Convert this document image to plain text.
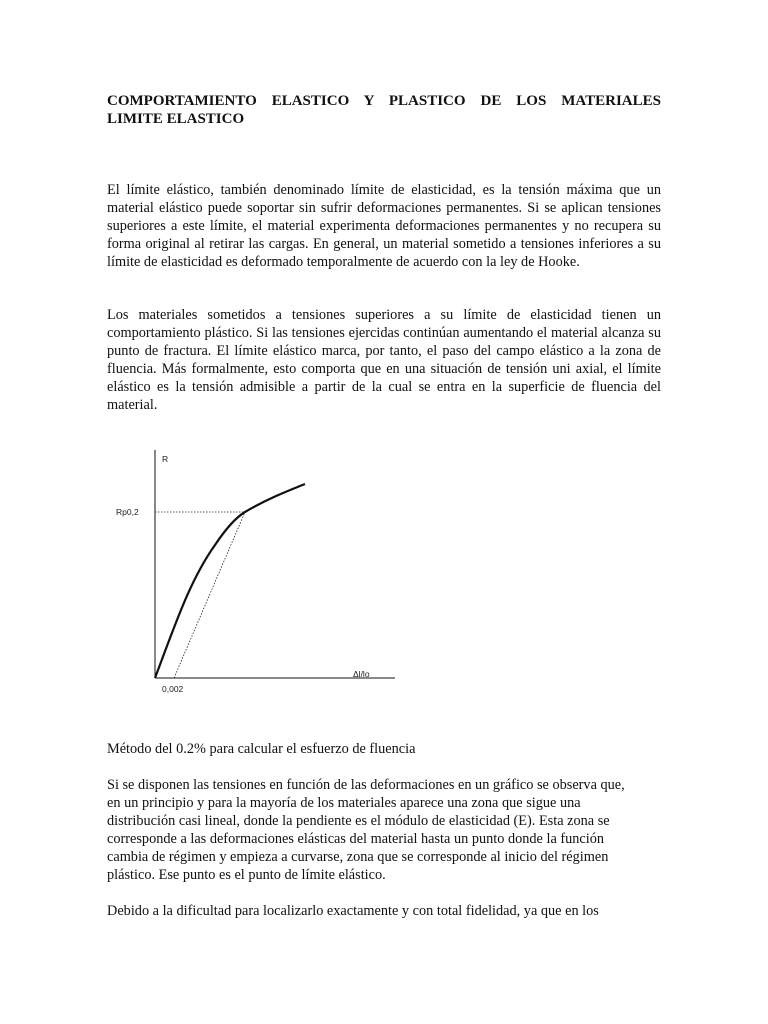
COMPORTAMIENTO ELASTICO Y PLASTICO DE LOS MATERIALES
LIMITE ELASTICO

El límite elástico, también denominado límite de elasticidad, es la tensión máxima que un material elástico puede soportar sin sufrir deformaciones permanentes. Si se aplican tensiones superiores a este límite, el material experimenta deformaciones permanentes y no recupera su forma original al retirar las cargas. En general, un material sometido a tensiones inferiores a su límite de elasticidad es deformado temporalmente de acuerdo con la ley de Hooke.

Los materiales sometidos a tensiones superiores a su límite de elasticidad tienen un comportamiento plástico. Si las tensiones ejercidas continúan aumentando el material alcanza su punto de fractura. El límite elástico marca, por tanto, el paso del campo elástico a la zona de fluencia. Más formalmente, esto comporta que en una situación de tensión uni axial, el límite elástico es la tensión admisible a partir de la cual se entra en la superficie de fluencia del material.

R
Rp0,2
0,002
Δl/lo

Método del 0.2% para calcular el esfuerzo de fluencia

Si se disponen las tensiones en función de las deformaciones en un gráfico se observa que,
en un principio y para la mayoría de los materiales aparece una zona que sigue una
distribución casi lineal, donde la pendiente es el módulo de elasticidad (E). Esta zona se
corresponde a las deformaciones elásticas del material hasta un punto donde la función
cambia de régimen y empieza a curvarse, zona que se corresponde al inicio del régimen
plástico. Ese punto es el punto de límite elástico.

Debido a la dificultad para localizarlo exactamente y con total fidelidad, ya que en los
